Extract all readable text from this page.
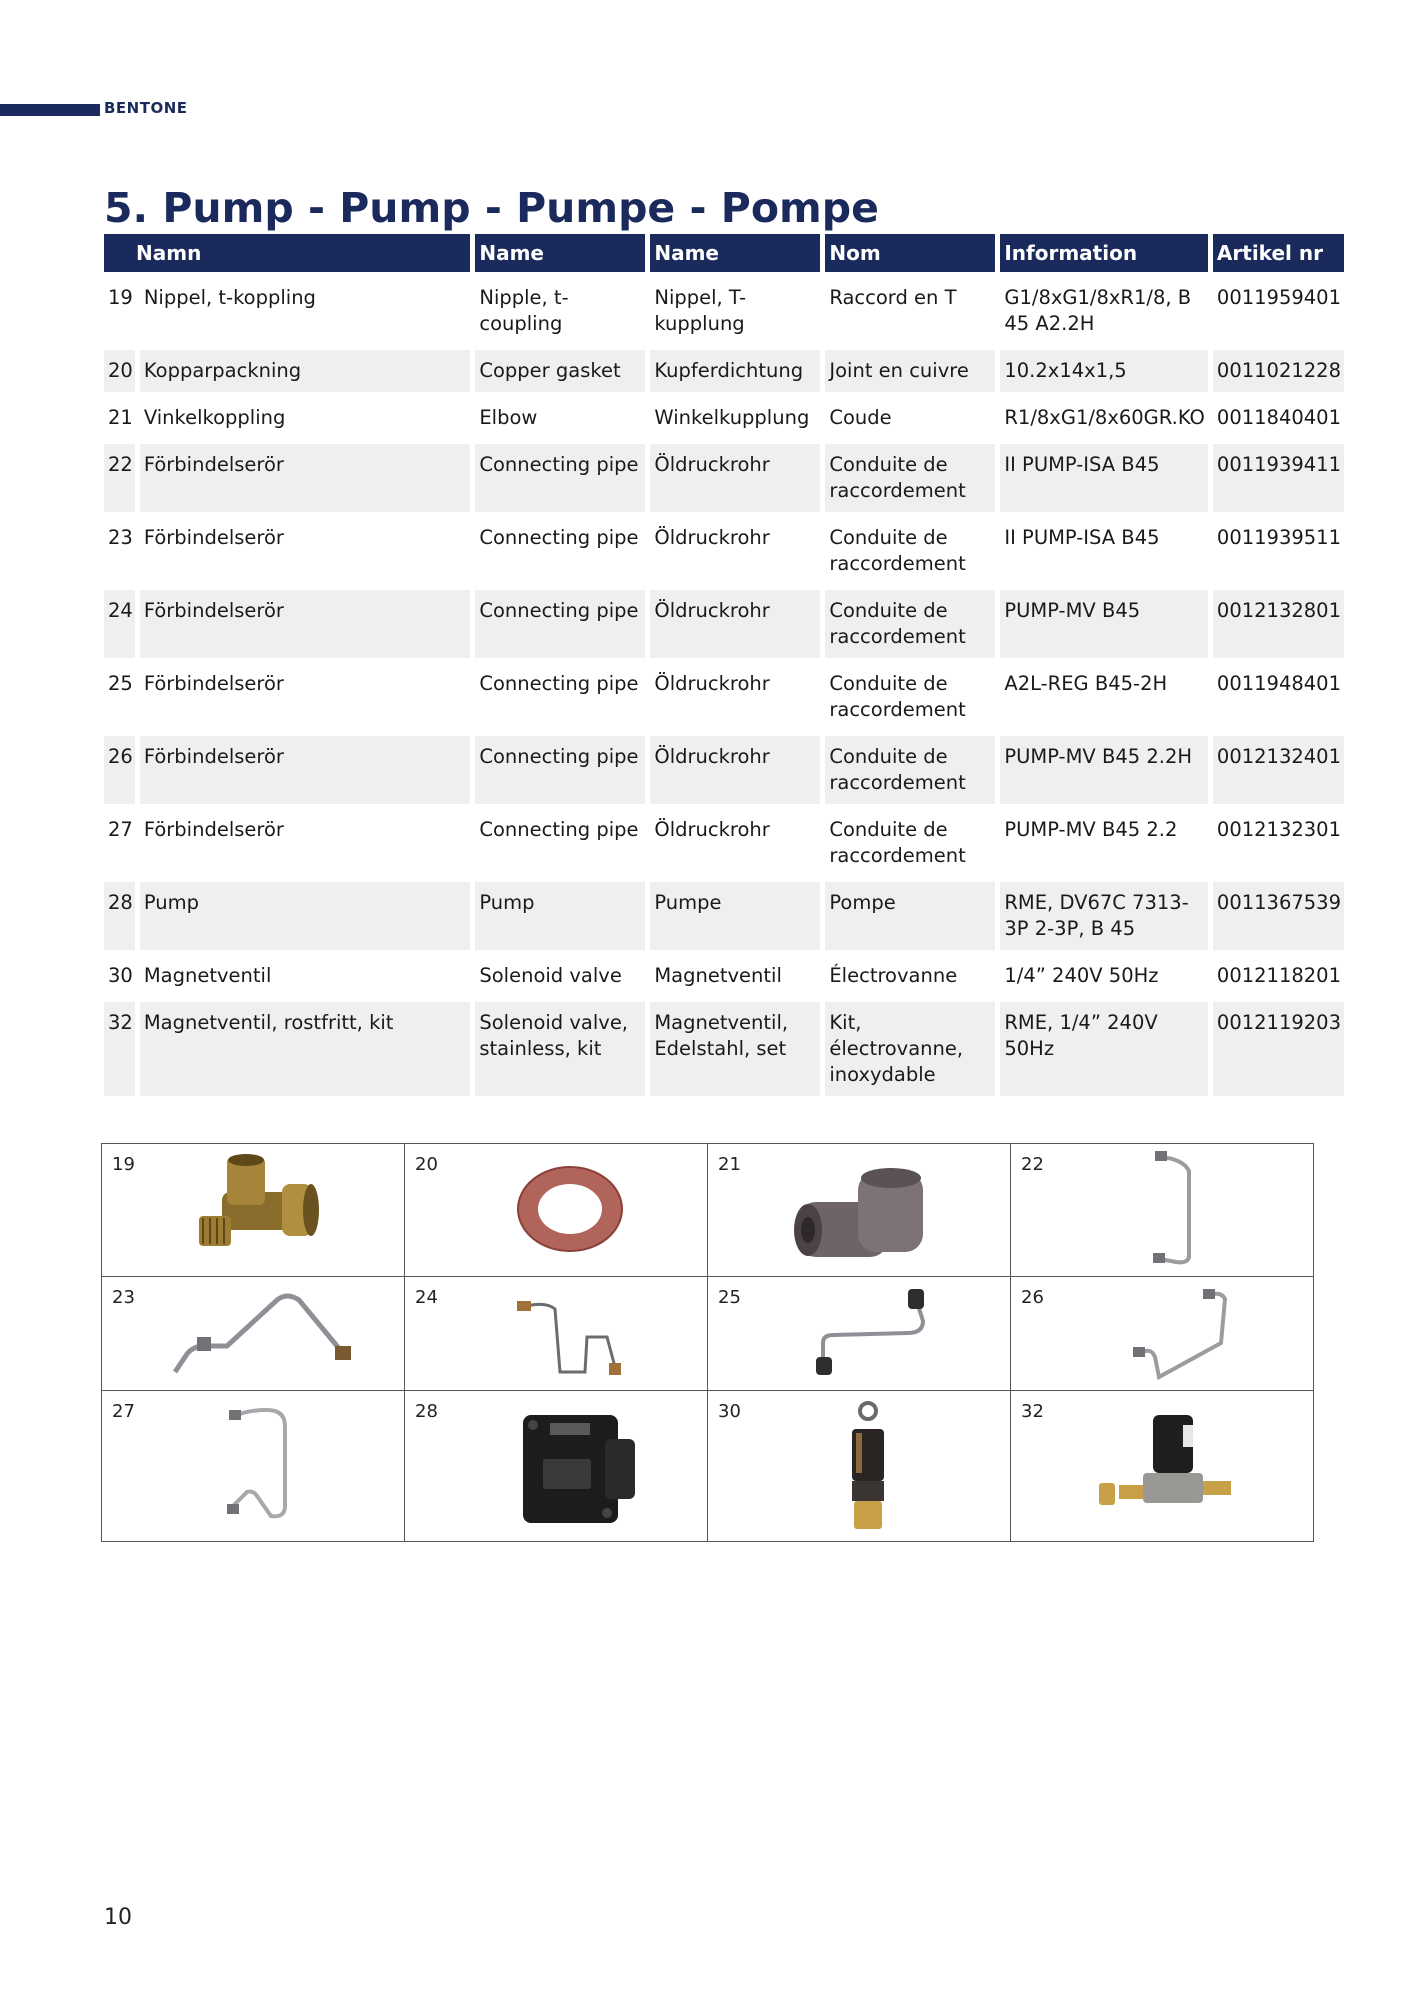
BENTONE
5. Pump - Pump - Pumpe - Pompe
Namn		Name	Name	Nom	Information	Artikel nr
19	Nippel, t-koppling	Nipple, t-coupling	Nippel, T-kupplung	Raccord en T	G1/8xG1/8xR1/8, B 45 A2.2H	0011959401
20	Kopparpackning	Copper gasket	Kupferdichtung	Joint en cuivre	10.2x14x1,5	0011021228
21	Vinkelkoppling	Elbow	Winkelkupplung	Coude	R1/8xG1/8x60GR.KO	0011840401
22	Förbindelserör	Connecting pipe	Öldruckrohr	Conduite de raccordement	II PUMP-ISA B45	0011939411
23	Förbindelserör	Connecting pipe	Öldruckrohr	Conduite de raccordement	II PUMP-ISA B45	0011939511
24	Förbindelserör	Connecting pipe	Öldruckrohr	Conduite de raccordement	PUMP-MV B45	0012132801
25	Förbindelserör	Connecting pipe	Öldruckrohr	Conduite de raccordement	A2L-REG B45-2H	0011948401
26	Förbindelserör	Connecting pipe	Öldruckrohr	Conduite de raccordement	PUMP-MV B45 2.2H	0012132401
27	Förbindelserör	Connecting pipe	Öldruckrohr	Conduite de raccordement	PUMP-MV B45 2.2	0012132301
28	Pump	Pump	Pumpe	Pompe	RME, DV67C 7313-3P 2-3P, B 45	0011367539
30	Magnetventil	Solenoid valve	Magnetventil	Électrovanne	1/4” 240V 50Hz	0012118201
32	Magnetventil, rostfritt, kit	Solenoid valve, stainless, kit	Magnetventil, Edelstahl, set	Kit, électrovanne, inoxydable	RME, 1/4” 240V 50Hz	0012119203
19	20	21	22

23	24	25	26

27	28	30	32
10
